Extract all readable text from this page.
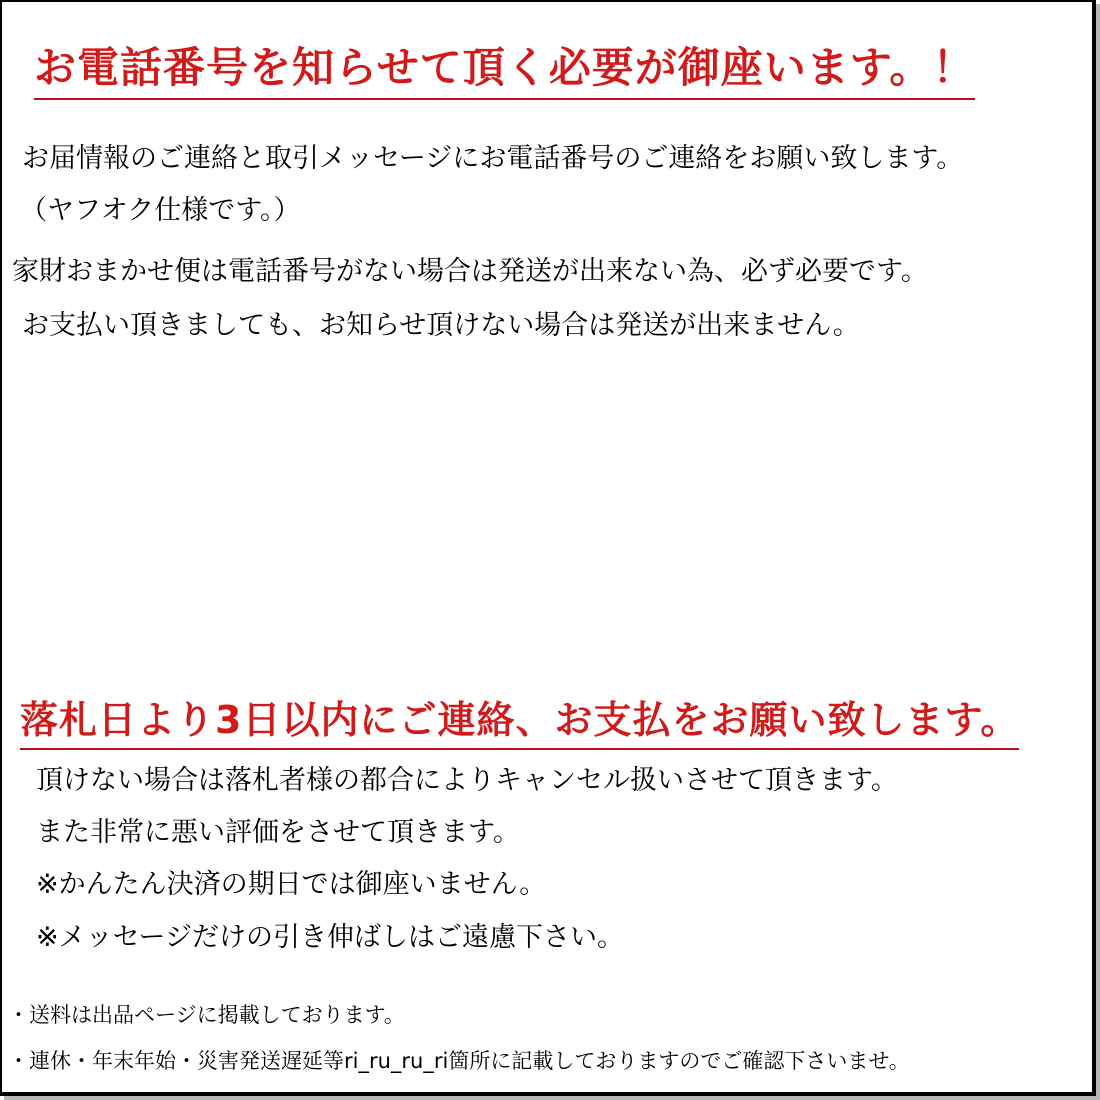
お電話番号を知らせて頂く必要が御座います。！
お届情報のご連絡と取引メッセージにお電話番号のご連絡をお願い致します。
（ヤフオク仕様です。）
家財おまかせ便は電話番号がない場合は発送が出来ない為、必ず必要です。
お支払い頂きましても、お知らせ頂けない場合は発送が出来ません。
落札日より3日以内にご連絡、お支払をお願い致します。
頂けない場合は落札者様の都合によりキャンセル扱いさせて頂きます。
また非常に悪い評価をさせて頂きます。
※かんたん決済の期日では御座いません。
※メッセージだけの引き伸ばしはご遠慮下さい。
・送料は出品ページに掲載しております。
・連休・年末年始・災害発送遅延等ri_ru_ru_ri箇所に記載しておりますのでご確認下さいませ。
